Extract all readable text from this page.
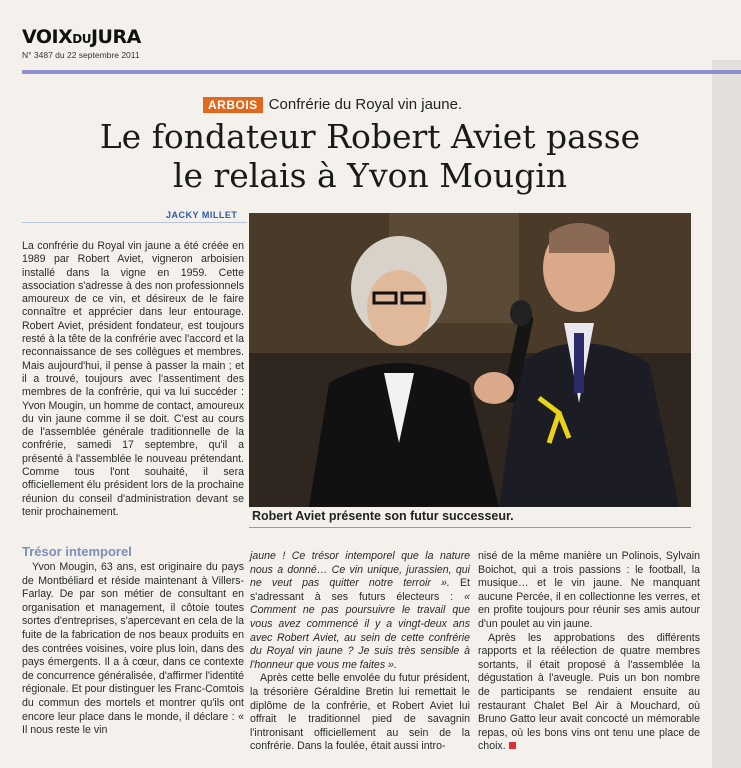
VOIXDUJURA
N° 3487 du 22 septembre 2011
ARBOIS Confrérie du Royal vin jaune.
Le fondateur Robert Aviet passe
le relais à Yvon Mougin
JACKY MILLET
La confrérie du Royal vin jaune a été créée en 1989 par Robert Aviet, vigneron arboisien installé dans la vigne en 1959. Cette association s'adresse à des non professionnels amoureux de ce vin, et désireux de le faire connaître et apprécier dans leur entourage. Robert Aviet, président fondateur, est toujours resté à la tête de la confrérie avec l'accord et la reconnaissance de ses collègues et membres. Mais aujourd'hui, il pense à passer la main ; et il a trouvé, toujours avec l'assentiment des membres de la confrérie, qui va lui succéder : Yvon Mougin, un homme de contact, amoureux du vin jaune comme il se doit. C'est au cours de l'assemblée générale traditionnelle de la confrérie, samedi 17 septembre, qu'il a présenté à l'assemblée le nouveau prétendant. Comme tous l'ont souhaité, il sera officiellement élu président lors de la prochaine réunion du conseil d'administration devant se tenir prochainement.	Robert Aviet présente son futur successeur.
Trésor intemporel

Yvon Mougin, 63 ans, est originaire du pays de Montbéliard et réside maintenant à Villers-Farlay. De par son métier de consultant en organisation et management, il côtoie toutes sortes d'entreprises, s'apercevant en cela de la fuite de la fabrication de nos beaux produits en des contrées voisines, voire plus loin, dans des pays émergents. Il a à cœur, dans ce contexte de concurrence généralisée, d'affirmer l'identité régionale. Et pour distinguer les Franc-Comtois du commun des mortels et montrer qu'ils ont encore leur place dans le monde, il déclare : « Il nous reste le vin

jaune ! Ce trésor intemporel que la nature nous a donné… Ce vin unique, jurassien, qui ne veut pas quitter notre terroir ». Et s'adressant à ses futurs électeurs : « Comment ne pas poursuivre le travail que vous avez commencé il y a vingt-deux ans avec Robert Aviet, au sein de cette confrérie du Royal vin jaune ? Je suis très sensible à l'honneur que vous me faites ».

Après cette belle envolée du futur président, la trésorière Géraldine Bretin lui remettait le diplôme de la confrérie, et Robert Aviet lui offrait le traditionnel pied de savagnin l'intronisant officiellement au sein de la confrérie. Dans la foulée, était aussi intro-

nisé de la même manière un Polinois, Sylvain Boichot, qui a trois passions : le football, la musique… et le vin jaune. Ne manquant aucune Percée, il en collectionne les verres, et en profite toujours pour réunir ses amis autour d'un poulet au vin jaune.

Après les approbations des différents rapports et la réélection de quatre membres sortants, il était proposé à l'assemblée la dégustation à l'aveugle. Puis un bon nombre de participants se rendaient ensuite au restaurant Chalet Bel Air à Mouchard, où Bruno Gatto leur avait concocté un mémorable repas, où les bons vins ont tenu une place de choix.
